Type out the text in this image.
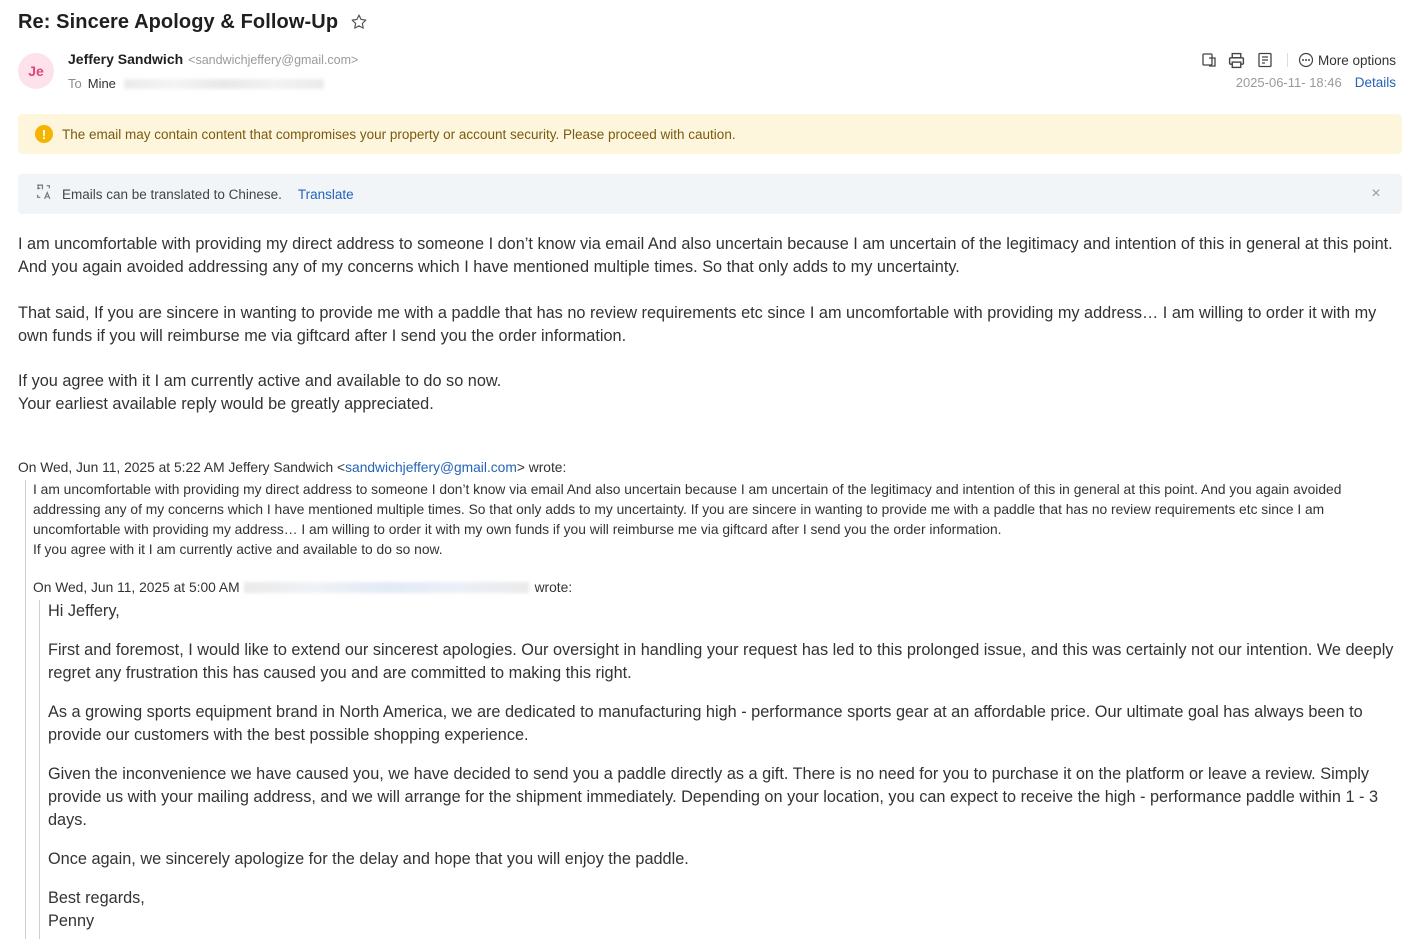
Re: Sincere Apology & Follow-Up
Je
Jeffery Sandwich <sandwichjeffery@gmail.com>
To Mine
More options
2025-06-11- 18:46 Details
!	The email may contain content that compromises your property or account security. Please proceed with caution.
Emails can be translated to Chinese. Translate	×
I am uncomfortable with providing my direct address to someone I don’t know via email And also uncertain because I am uncertain of the legitimacy and intention of this in general at this point. And you again avoided addressing any of my concerns which I have mentioned multiple times. So that only adds to my uncertainty.
That said, If you are sincere in wanting to provide me with a paddle that has no review requirements etc since I am uncomfortable with providing my address… I am willing to order it with my own funds if you will reimburse me via giftcard after I send you the order information.
If you agree with it I am currently active and available to do so now.
Your earliest available reply would be greatly appreciated.
On Wed, Jun 11, 2025 at 5:22 AM Jeffery Sandwich <sandwichjeffery@gmail.com> wrote:
I am uncomfortable with providing my direct address to someone I don’t know via email And also uncertain because I am uncertain of the legitimacy and intention of this in general at this point. And you again avoided addressing any of my concerns which I have mentioned multiple times. So that only adds to my uncertainty. If you are sincere in wanting to provide me with a paddle that has no review requirements etc since I am uncomfortable with providing my address… I am willing to order it with my own funds if you will reimburse me via giftcard after I send you the order information.
If you agree with it I am currently active and available to do so now.
On Wed, Jun 11, 2025 at 5:00 AM	wrote:
Hi Jeffery,
First and foremost, I would like to extend our sincerest apologies. Our oversight in handling your request has led to this prolonged issue, and this was certainly not our intention. We deeply regret any frustration this has caused you and are committed to making this right.
As a growing sports equipment brand in North America, we are dedicated to manufacturing high - performance sports gear at an affordable price. Our ultimate goal has always been to provide our customers with the best possible shopping experience.
Given the inconvenience we have caused you, we have decided to send you a paddle directly as a gift. There is no need for you to purchase it on the platform or leave a review. Simply provide us with your mailing address, and we will arrange for the shipment immediately. Depending on your location, you can expect to receive the high - performance paddle within 1 - 3 days.
Once again, we sincerely apologize for the delay and hope that you will enjoy the paddle.
Best regards,
Penny
